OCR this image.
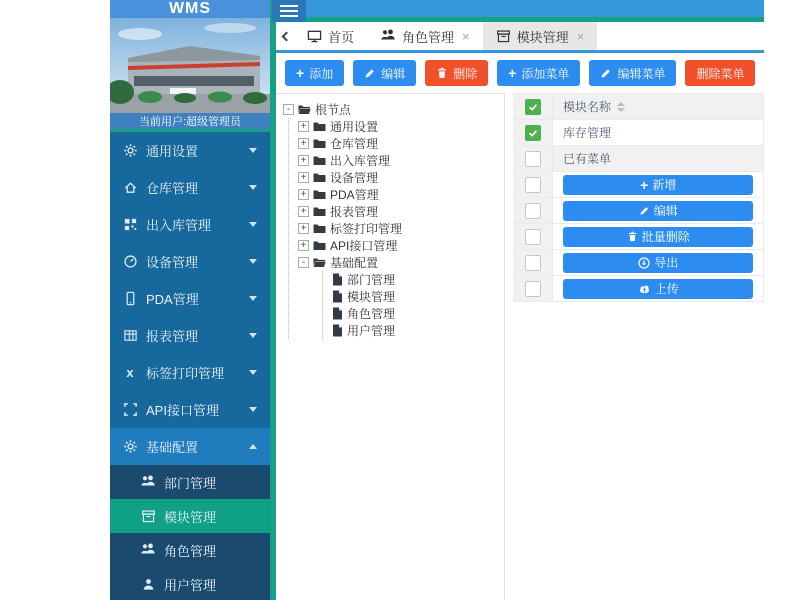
WMS
当前用户:超级管理员
通用设置
仓库管理
出入库管理
设备管理
PDA管理
报表管理
x 标签打印管理
API接口管理
基础配置
部门管理
模块管理
角色管理
用户管理
首页	角色管理 ×	模块管理 ×
+ 添加	编辑	删除 + 添加菜单	编辑菜单	删除菜单
-	根节点
+ 通用设置
+ 仓库管理
+ 出入库管理
+ 设备管理
+ PDA管理
+ 报表管理
+ 标签打印管理
+ API接口管理
-	基础配置
部门管理
模块管理
角色管理
用户管理
模块名称
库存管理
已有菜单
+ 新增
编辑
批量删除
导出
上传
